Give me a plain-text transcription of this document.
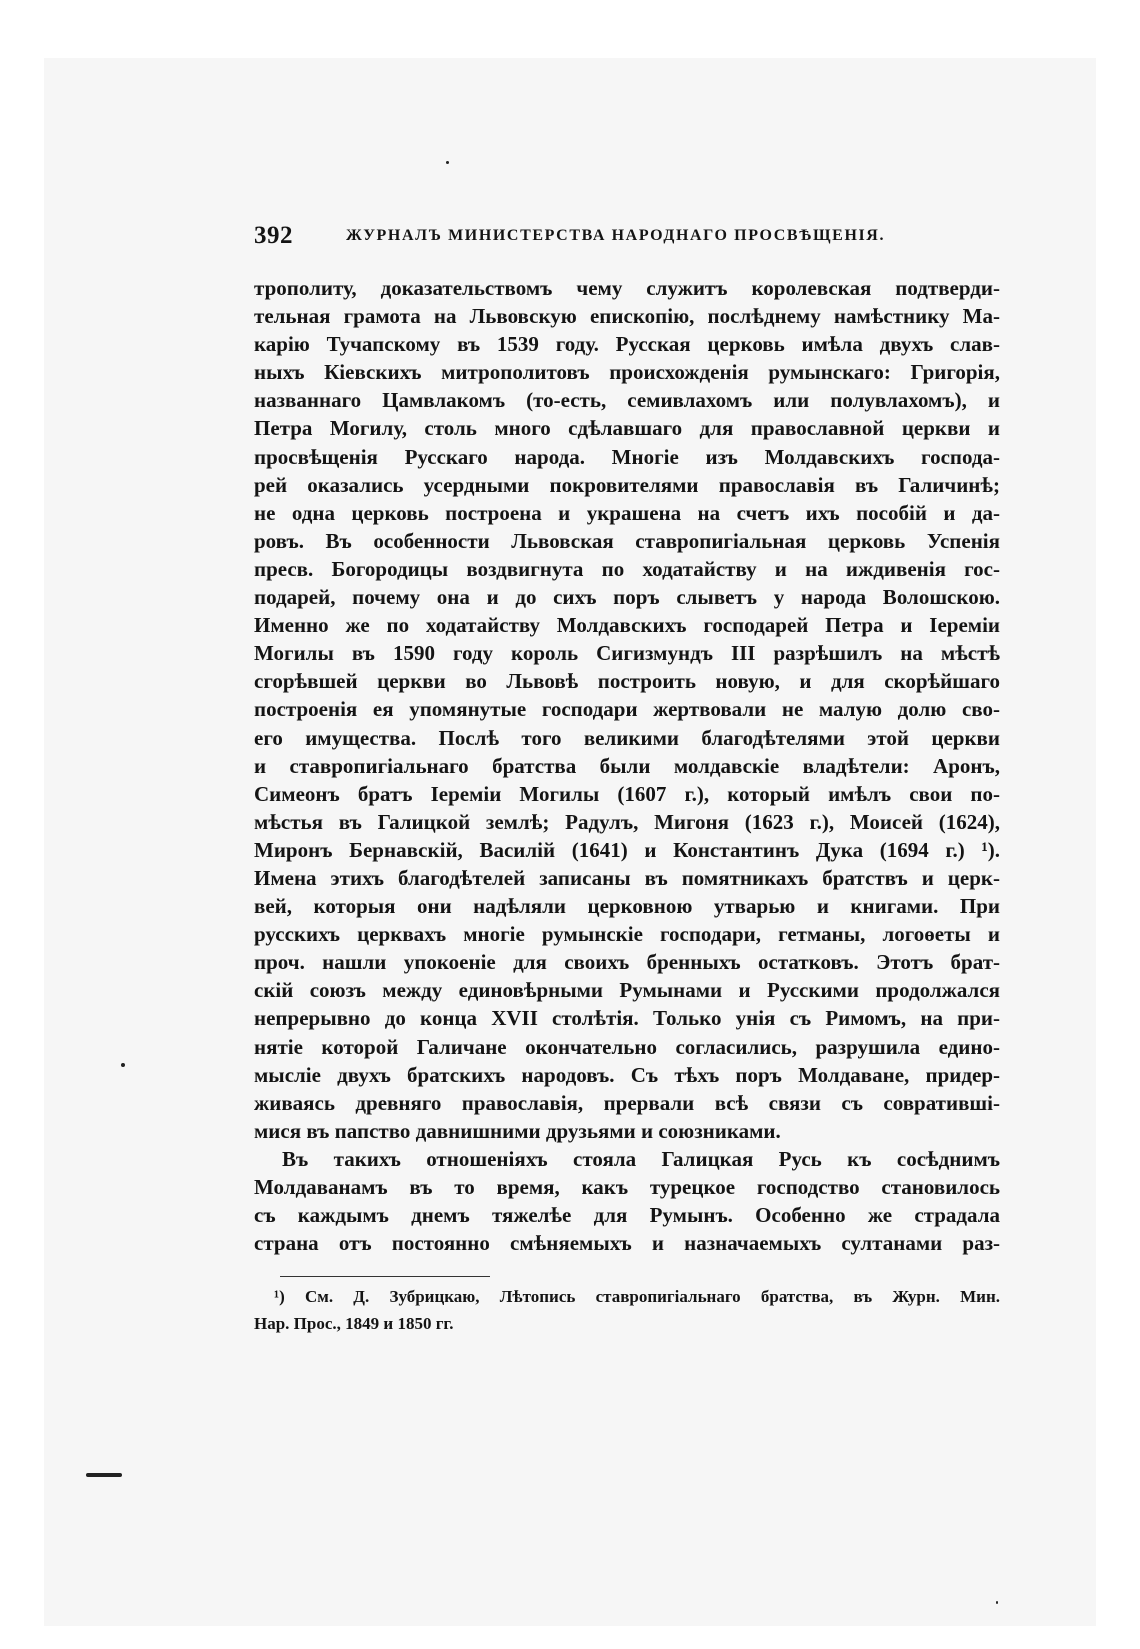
392	ЖУРНАЛЪ МИНИСТЕРСТВА НАРОДНАГО ПРОСВѢЩЕНІЯ.
трополиту, доказательствомъ чему служитъ королевская подтверди-
тельная грамота на Львовскую епископію, послѣднему намѣстнику Ма-
карію Тучапскому въ 1539 году. Русская церковь имѣла двухъ слав-
ныхъ Кіевскихъ митрополитовъ происхожденія румынскаго: Григорія,
названнаго Цамвлакомъ (то-есть, семивлахомъ или полувлахомъ), и
Петра Могилу, столь много сдѣлавшаго для православной церкви и
просвѣщенія Русскаго народа. Многіе изъ Молдавскихъ господа-
рей оказались усердными покровителями православія въ Галичинѣ;
не одна церковь построена и украшена на счетъ ихъ пособій и да-
ровъ. Въ особенности Львовская ставропигіальная церковь Успенія
пресв. Богородицы воздвигнута по ходатайству и на иждивенія гос-
подарей, почему она и до сихъ поръ слыветъ у народа Волошскою.
Именно же по ходатайству Молдавскихъ господарей Петра и Іереміи
Могилы въ 1590 году король Сигизмундъ III разрѣшилъ на мѣстѣ
сгорѣвшей церкви во Львовѣ построить новую, и для скорѣйшаго
построенія ея упомянутые господари жертвовали не малую долю сво-
его имущества. Послѣ того великими благодѣтелями этой церкви
и ставропигіальнаго братства были молдавскіе владѣтели: Аронъ,
Симеонъ братъ Іереміи Могилы (1607 г.), который имѣлъ свои по-
мѣстья въ Галицкой землѣ; Радулъ, Мигоня (1623 г.), Моисей (1624),
Миронъ Бернавскій, Василій (1641) и Константинъ Дука (1694 г.) ¹).
Имена этихъ благодѣтелей записаны въ помятникахъ братствъ и церк-
вей, которыя они надѣляли церковною утварью и книгами. При
русскихъ церквахъ многіе румынскіе господари, гетманы, логоөеты и
проч. нашли упокоеніе для своихъ бренныхъ остатковъ. Этотъ брат-
скій союзъ между единовѣрными Румынами и Русскими продолжался
непрерывно до конца XVII столѣтія. Только унія съ Римомъ, на при-
нятіе которой Галичане окончательно согласились, разрушила едино-
мысліе двухъ братскихъ народовъ. Съ тѣхъ поръ Молдаване, придер-
живаясь древняго православія, прервали всѣ связи съ совратившi-
мися въ папство давнишними друзьями и союзниками.
Въ такихъ отношеніяхъ стояла Галицкая Русь къ сосѣднимъ
Молдаванамъ въ то время, какъ турецкое господство становилось
съ каждымъ днемъ тяжелѣе для Румынъ. Особенно же страдала
страна отъ постоянно смѣняемыхъ и назначаемыхъ султанами раз-
¹) См. Д. Зубрицкаю, Лѣтопись ставропигіальнаго братства, въ Журн. Мин.
Нар. Прос., 1849 и 1850 гг.
